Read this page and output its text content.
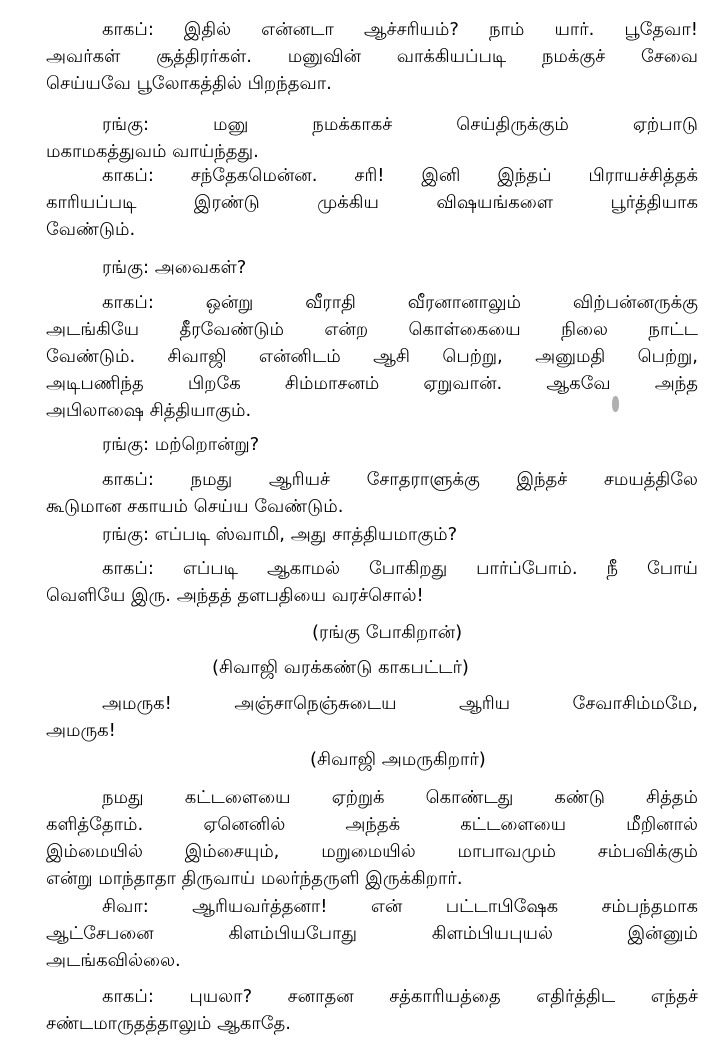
காகப்: இதில் என்னடா ஆச்சரியம்? நாம் யார். பூதேவா!
அவர்கள் சூத்திரர்கள். மனுவின் வாக்கியப்படி நமக்குச் சேவை
செய்யவே பூலோகத்தில் பிறந்தவா.
ரங்கு: மனு நமக்காகச் செய்திருக்கும் ஏற்பாடு
மகாமகத்துவம் வாய்ந்தது.
காகப்: சந்தேகமென்ன. சரி! இனி இந்தப் பிராயச்சித்தக்
காரியப்படி இரண்டு முக்கிய விஷயங்களை பூர்த்தியாக
வேண்டும்.
ரங்கு: அவைகள்?
காகப்: ஒன்று வீராதி வீரனானாலும் விற்பன்னருக்கு
அடங்கியே தீரவேண்டும் என்ற கொள்கையை நிலை நாட்ட
வேண்டும். சிவாஜி என்னிடம் ஆசி பெற்று, அனுமதி பெற்று,
அடிபணிந்த பிறகே சிம்மாசனம் ஏறுவான். ஆகவே அந்த
அபிலாஷை சித்தியாகும்.
ரங்கு: மற்றொன்று?
காகப்: நமது ஆரியச் சோதராளுக்கு இந்தச் சமயத்திலே
கூடுமான சகாயம் செய்ய வேண்டும்.
ரங்கு: எப்படி ஸ்வாமி, அது சாத்தியமாகும்?
காகப்: எப்படி ஆகாமல் போகிறது பார்ப்போம். நீ போய்
வெளியே இரு. அந்தத் தளபதியை வரச்சொல்!
(ரங்கு போகிறான்)
(சிவாஜி வரக்கண்டு காகபட்டர்)
அமருக! அஞ்சாநெஞ்சுடைய ஆரிய சேவாசிம்மமே,
அமருக!
(சிவாஜி அமருகிறார்)
நமது கட்டளையை ஏற்றுக் கொண்டது கண்டு சித்தம்
களித்தோம். ஏனெனில் அந்தக் கட்டளையை மீறினால்
இம்மையில் இம்சையும், மறுமையில் மாபாவமும் சம்பவிக்கும்
என்று மாந்தாதா திருவாய் மலர்ந்தருளி இருக்கிறார்.
சிவா: ஆரியவர்த்தனா! என் பட்டாபிஷேக சம்பந்தமாக
ஆட்சேபனை கிளம்பியபோது கிளம்பியபுயல் இன்னும்
அடங்கவில்லை.
காகப்: புயலா? சனாதன சத்காரியத்தை எதிர்த்திட எந்தச்
சண்டமாருதத்தாலும் ஆகாதே.
